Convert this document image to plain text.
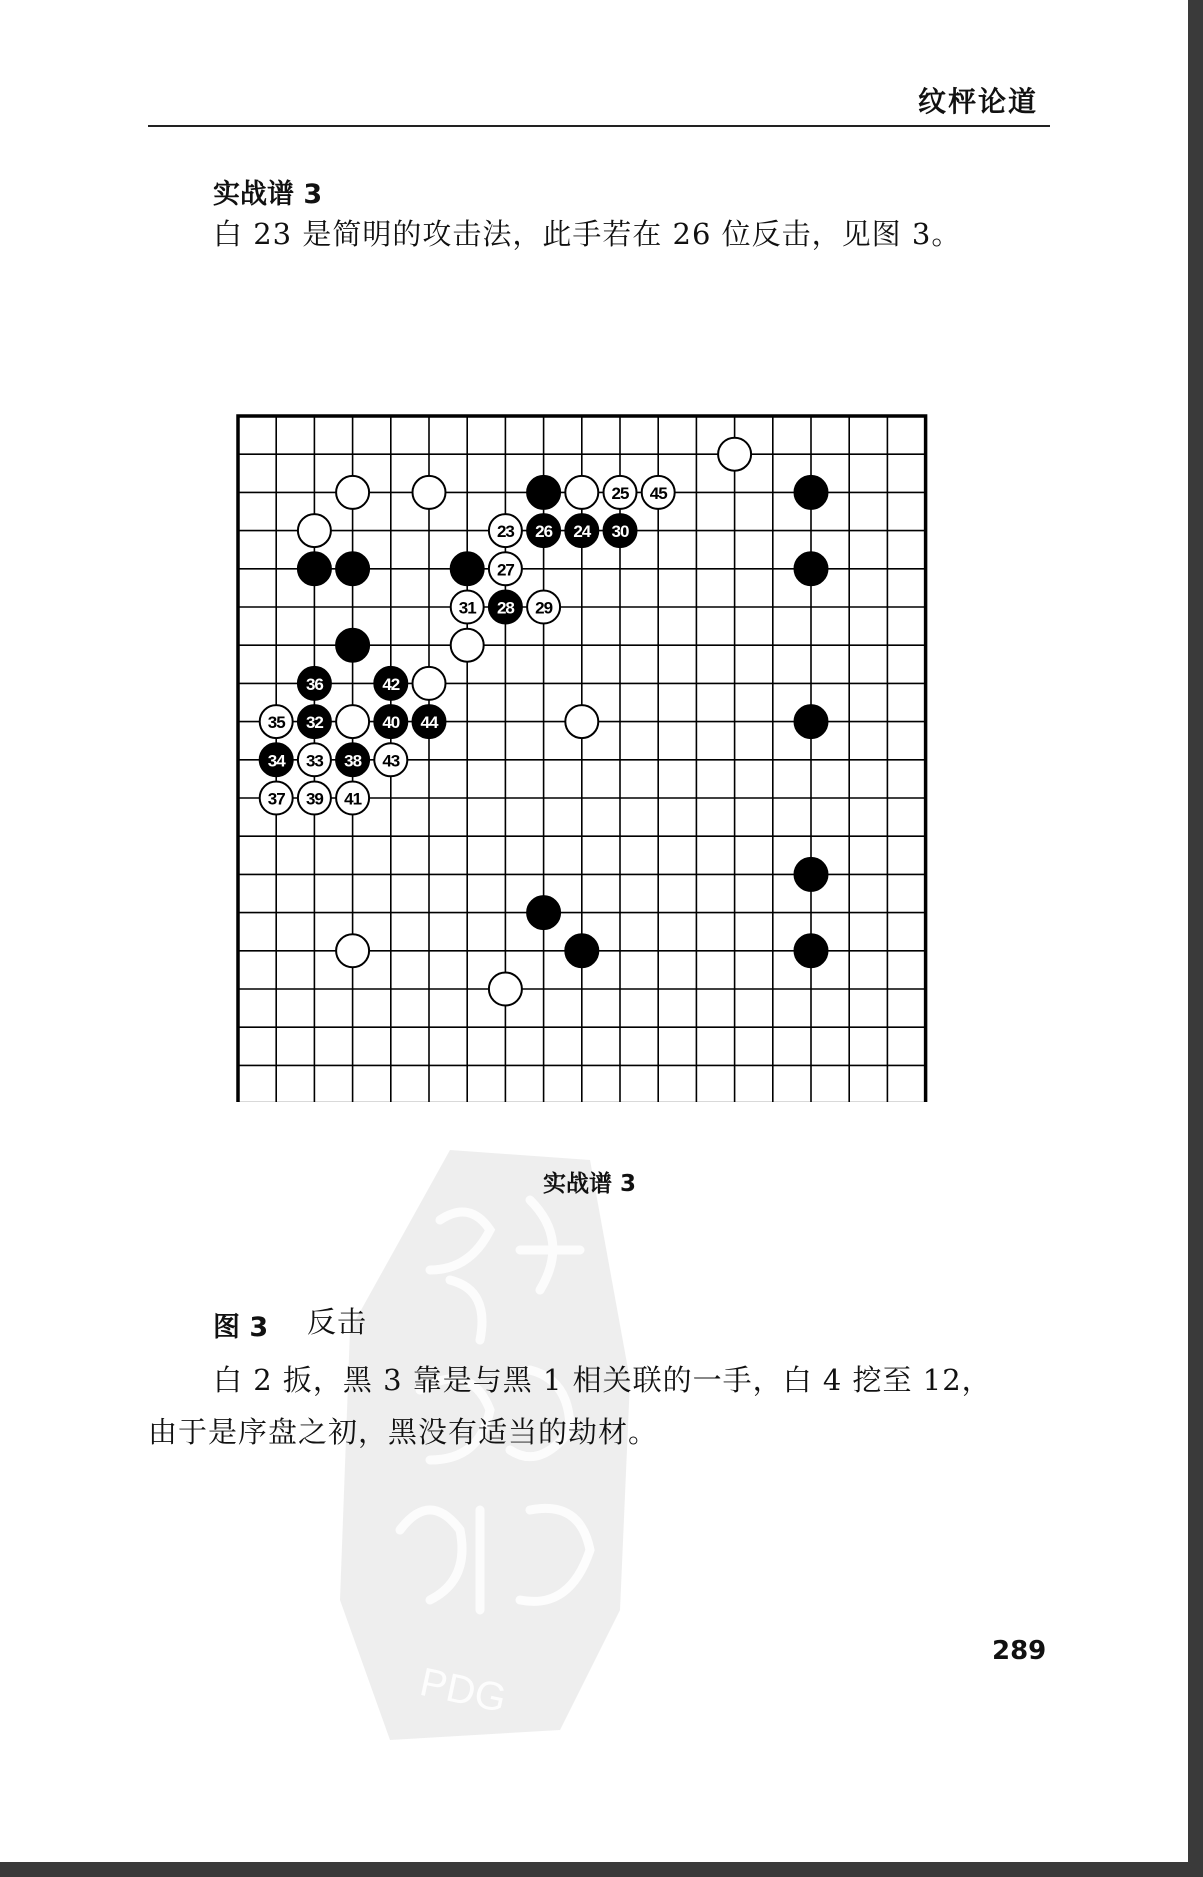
纹枰论道
实战谱 3
白 23 是简明的攻击法，此手若在 26 位反击，见图 3。
PDG
25 45
23 26 24 30
27
31 28 29
36	42
35 32	40 44
34 33 38 43
37 39 41
实战谱 3
图 3 反击
白 2 扳，黑 3 靠是与黑 1 相关联的一手，白 4 挖至 12，
由于是序盘之初，黑没有适当的劫材。
289
